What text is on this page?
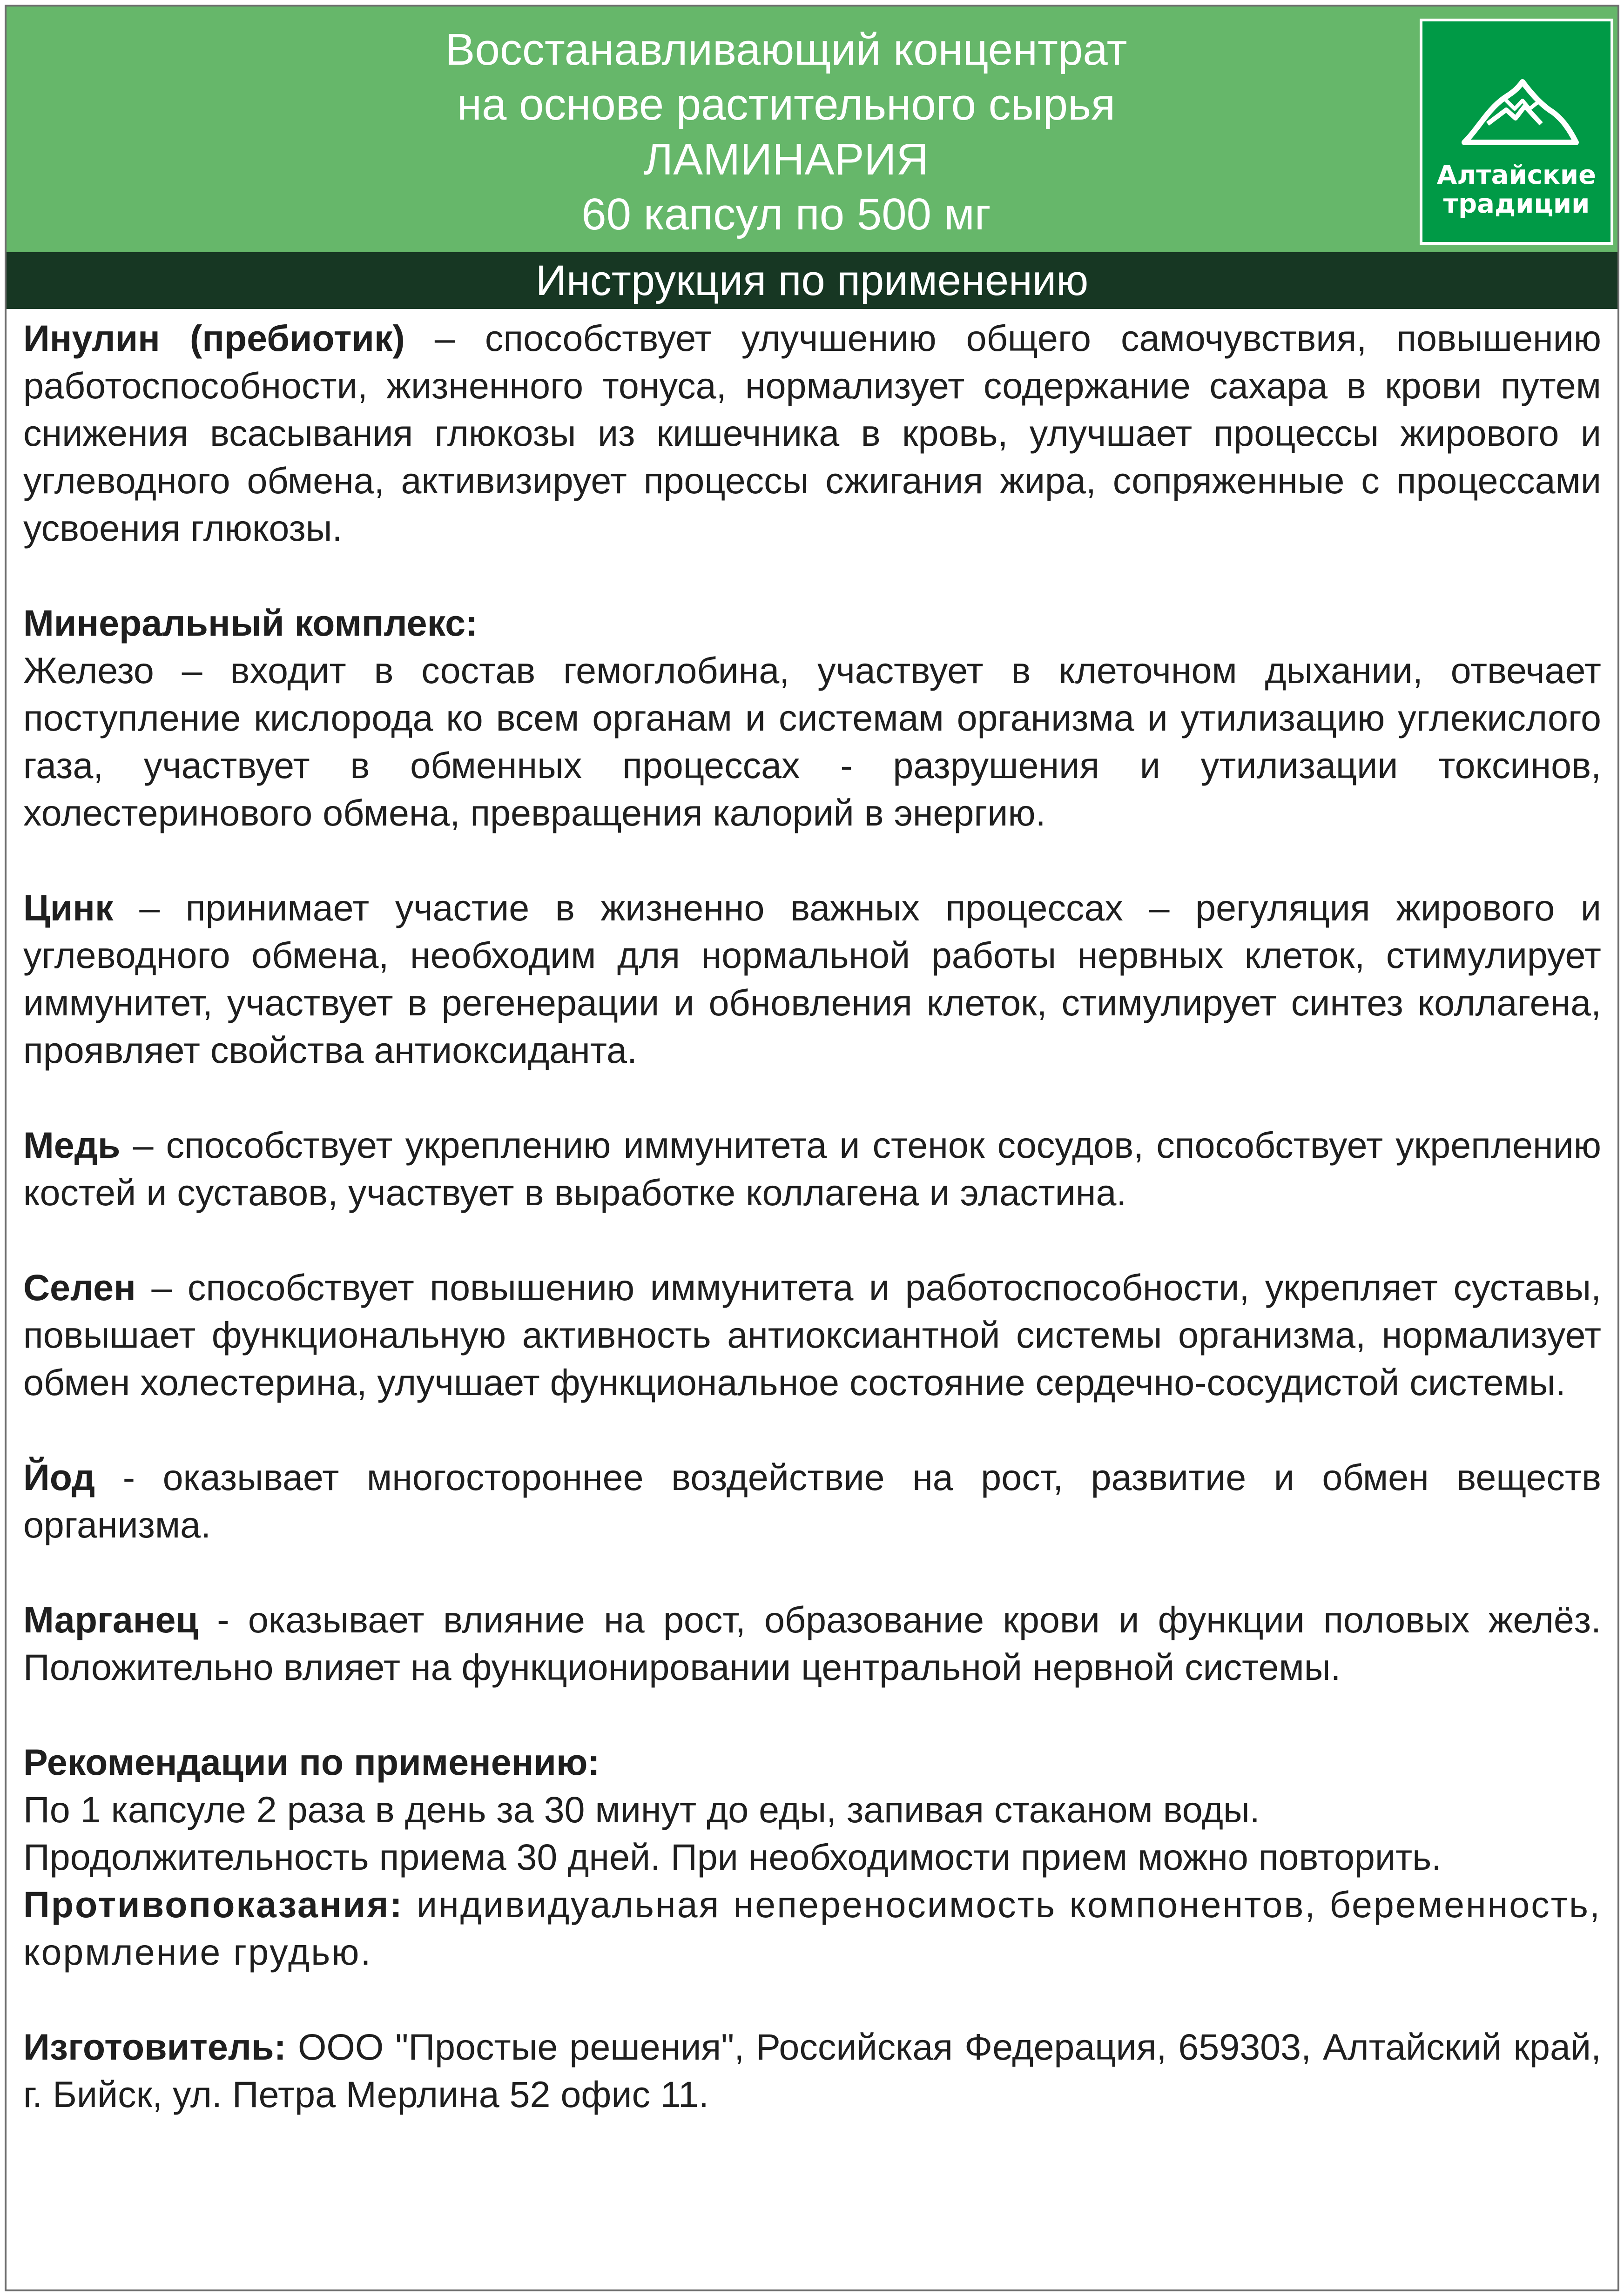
Восстанавливающий концентрат
на основе растительного сырья
ЛАМИНАРИЯ
60 капсул по 500 мг
Алтайские
традиции
Инструкция по применению
Инулин (пребиотик) – способствует улучшению общего самочувствия, повышению работоспособности, жизненного тонуса, нормализует содержание сахара в крови путем снижения всасывания глюкозы из кишечника в кровь, улучшает процессы жирового и углеводного обмена, активизирует процессы сжигания жира, сопряженные с процессами усвоения глюкозы.

Минеральный комплекс:

Железо – входит в состав гемоглобина, участвует в клеточном дыхании, отвечает поступление кислорода ко всем органам и системам организма и утилизацию углекислого газа, участвует в обменных процессах - разрушения и утилизации токсинов, холестеринового обмена, превращения калорий в энергию.

Цинк – принимает участие в жизненно важных процессах – регуляция жирового и углеводного обмена, необходим для нормальной работы нервных клеток, стимулирует иммунитет, участвует в регенерации и обновления клеток, стимулирует синтез коллагена, проявляет свойства антиоксиданта.
Медь – способствует укреплению иммунитета и стенок сосудов, способствует укреплению костей и суставов, участвует в выработке коллагена и эластина.
Селен – способствует повышению иммунитета и работоспособности, укрепляет суставы, повышает функциональную активность антиоксиантной системы организма, нормализует обмен холестерина, улучшает функциональное состояние сердечно-сосудистой системы.
Йод - оказывает многостороннее воздействие на рост, развитие и обмен веществ организма.
Марганец - оказывает влияние на рост, образование крови и функции половых желёз. Положительно влияет на функционировании центральной нервной системы.

Рекомендации по применению:

По 1 капсуле 2 раза в день за 30 минут до еды, запивая стаканом воды.

Продолжительность приема 30 дней. При необходимости прием можно повторить.

Противопоказания: индивидуальная непереносимость компонентов, беременность, кормление грудью.

Изготовитель: ООО "Простые решения", Российская Федерация, 659303, Алтайский край, г. Бийск, ул. Петра Мерлина 52 офис 11.
